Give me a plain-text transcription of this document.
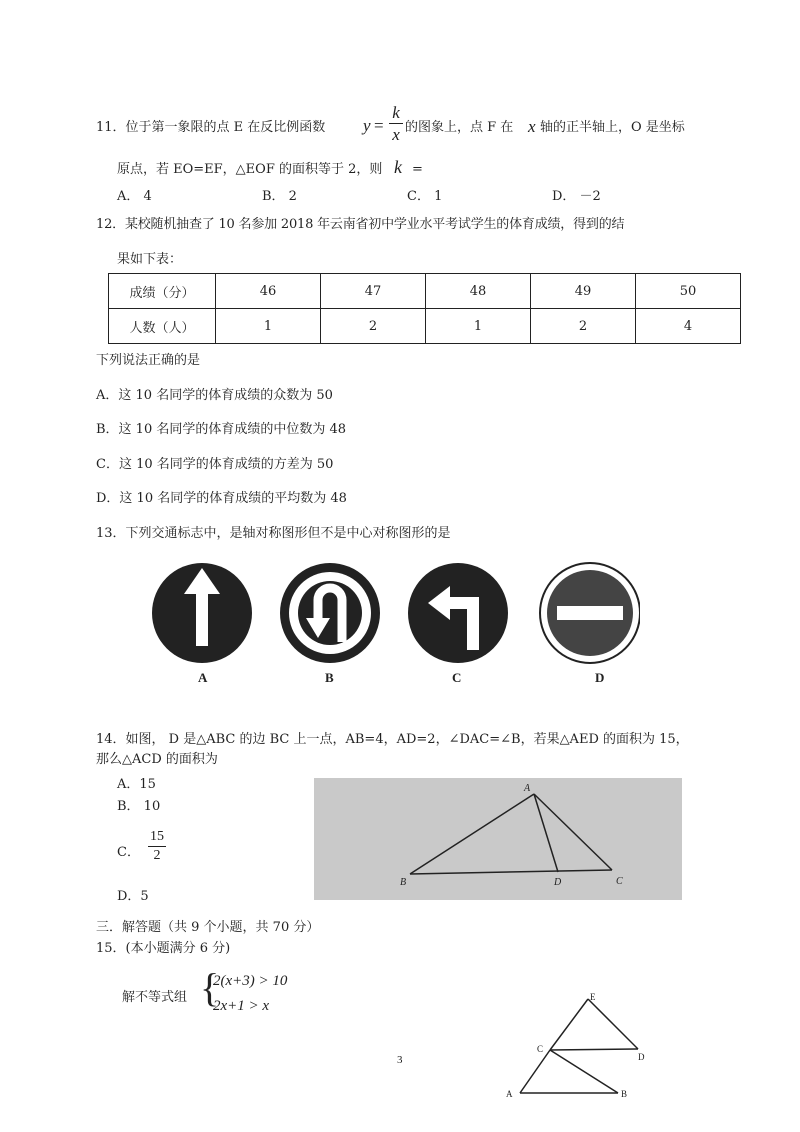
11．位于第一象限的点 E 在反比例函数 y =
k
x 的图象上，点 F 在 x 轴的正半轴上，O 是坐标
原点，若 EO=EF，△EOF 的面积等于 2，则 k =
A． 4	B． 2	C． 1	D． －2
12．某校随机抽查了 10 名参加 2018 年云南省初中学业水平考试学生的体育成绩，得到的结
果如下表：
成绩（分）	46	47	48	49	50
人数（人）	1	2	1	2	4
下列说法正确的是
A．这 10 名同学的体育成绩的众数为 50
B．这 10 名同学的体育成绩的中位数为 48
C．这 10 名同学的体育成绩的方差为 50
D．这 10 名同学的体育成绩的平均数为 48
13．下列交通标志中，是轴对称图形但不是中心对称图形的是
A	B	C	D
14．如图， D 是△ABC 的边 BC 上一点，AB=4，AD=2，∠DAC=∠B，若果△AED 的面积为 15，
那么△ACD 的面积为
A．15
B． 10
C．
15
2
D．5
A
B	D	C
三．解答题（共 9 个小题，共 70 分）
15．(本小题满分 6 分)
解不等式组 {
2(x+3) > 10
2x+1 > x
E
C
D
A	B
3
